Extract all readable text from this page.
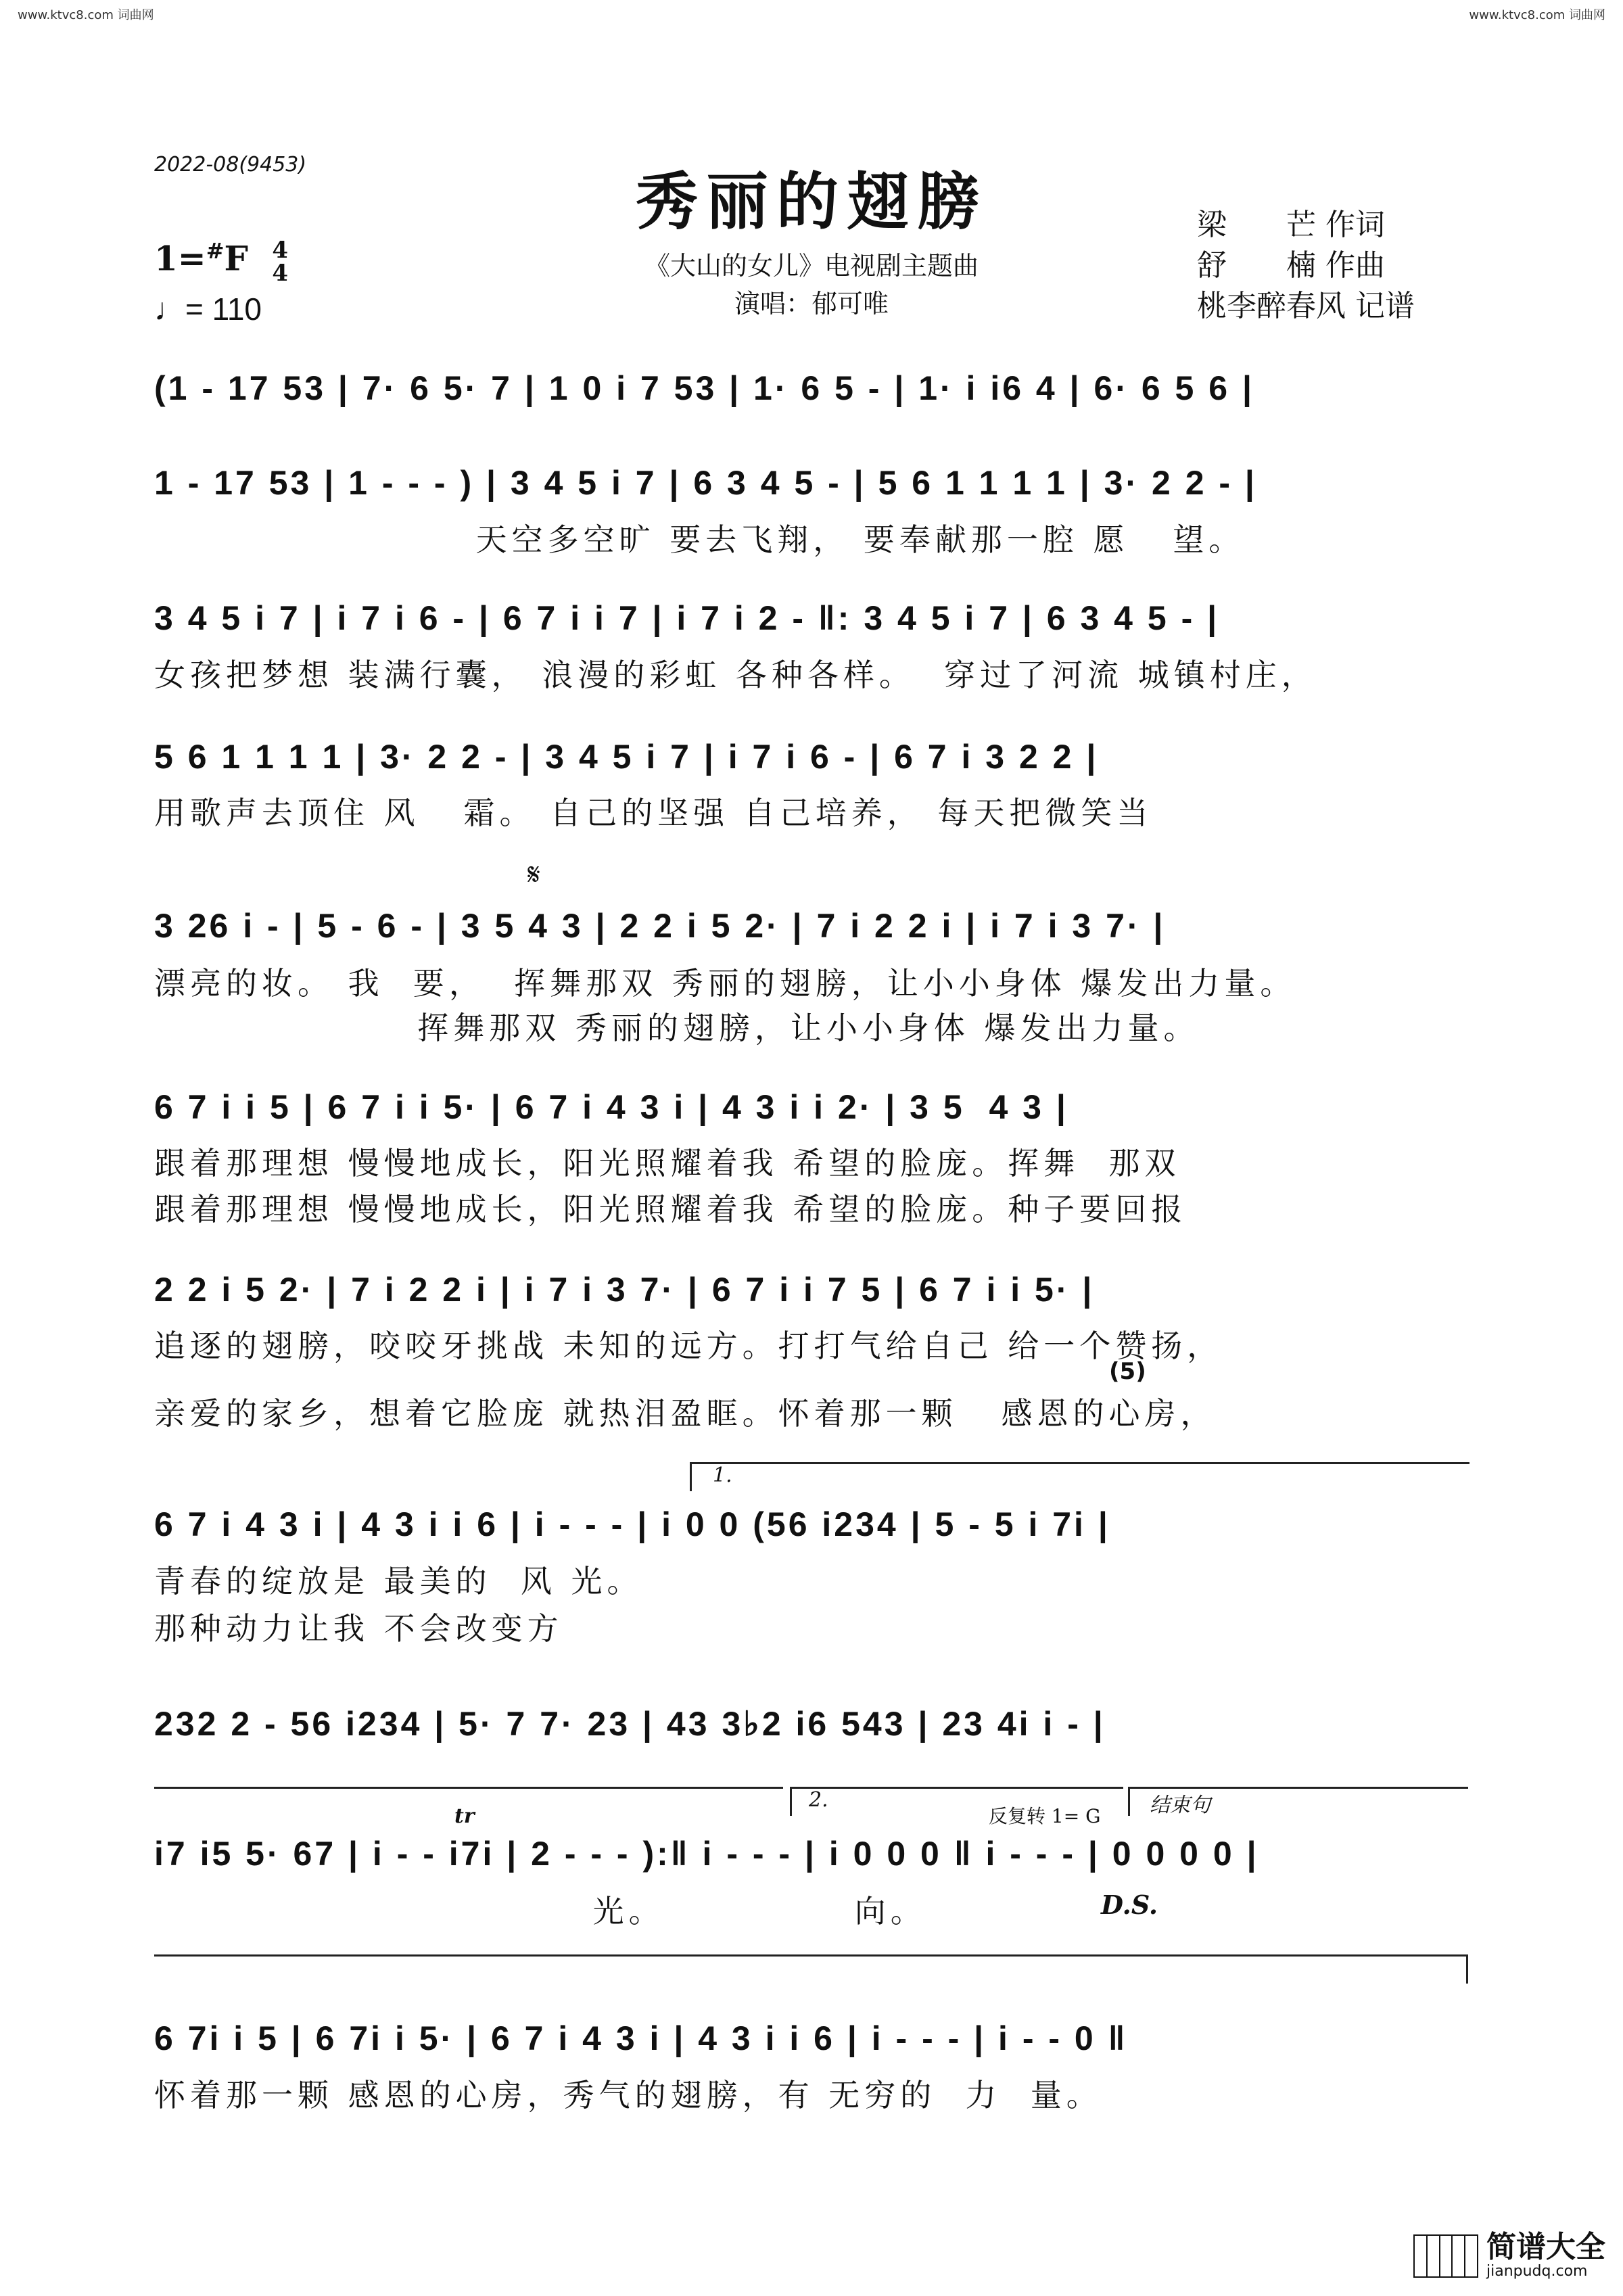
www.ktvc8.com 词曲网	www.ktvc8.com 词曲网
2022-08(9453)
秀丽的翅膀
《大山的女儿》电视剧主题曲
演唱：郁可唯
梁　　芒 作词
舒　　楠 作曲
桃李醉春风 记谱
1=#F 4
4
♩= 110
(1 - 17 53 | 7· 6 5· 7 | 1 0 i 7 53 | 1· 6 5 - | 1· i i6 4 | 6· 6 5 6 |
1 - 17 53 | 1 - - - ) | 3 4 5 i 7 | 6 3 4 5 - | 5 6 1 1 1 1 | 3· 2 2 - |
天空多空旷 要去飞翔， 要奉献那一腔 愿   望。
3 4 5 i 7 | i 7 i 6 - | 6 7 i i 7 | i 7 i 2 - ‖: 3 4 5 i 7 | 6 3 4 5 - |
女孩把梦想 装满行囊， 浪漫的彩虹 各种各样。  穿过了河流 城镇村庄，
5 6 1 1 1 1 | 3· 2 2 - | 3 4 5 i 7 | i 7 i 6 - | 6 7 i 3 2 2 |
用歌声去顶住 风   霜。 自己的坚强 自己培养， 每天把微笑当
𝄋
3 26 i - | 5 - 6 - | 3 5 4 3 | 2 2 i 5 2· | 7 i 2 2 i | i 7 i 3 7· |
漂亮的妆。 我  要，  挥舞那双 秀丽的翅膀，让小小身体 爆发出力量。
挥舞那双 秀丽的翅膀，让小小身体 爆发出力量。
6 7 i i 5 | 6 7 i i 5· | 6 7 i 4 3 i | 4 3 i i 2· | 3 5  4 3 |
跟着那理想 慢慢地成长，阳光照耀着我 希望的脸庞。挥舞  那双
跟着那理想 慢慢地成长，阳光照耀着我 希望的脸庞。种子要回报
2 2 i 5 2· | 7 i 2 2 i | i 7 i 3 7· | 6 7 i i 7 5 | 6 7 i i 5· |
追逐的翅膀，咬咬牙挑战 未知的远方。打打气给自己 给一个赞扬，
(5)
亲爱的家乡，想着它脸庞 就热泪盈眶。怀着那一颗   感恩的心房，
1.
6 7 i 4 3 i | 4 3 i i 6 | i - - - | i 0 0 (56 i234 | 5 - 5 i 7i |
青春的绽放是 最美的  风 光。
那种动力让我 不会改变方
232 2 - 56 i234 | 5· 7 7· 23 | 43 3♭2 i6 543 | 23 4i i - |
2.
反复转 1= G 结束句
tr
i7 i5 5· 67 | i - - i7i | 2 - - - ):‖ i - - - | i 0 0 0 ‖ i - - - | 0 0 0 0 |
光。             向。	D.S.
6 7i i 5 | 6 7i i 5· | 6 7 i 4 3 i | 4 3 i i 6 | i - - - | i - - 0 ‖
怀着那一颗 感恩的心房，秀气的翅膀，有 无穷的  力  量。
简谱大全
jianpudq.com
